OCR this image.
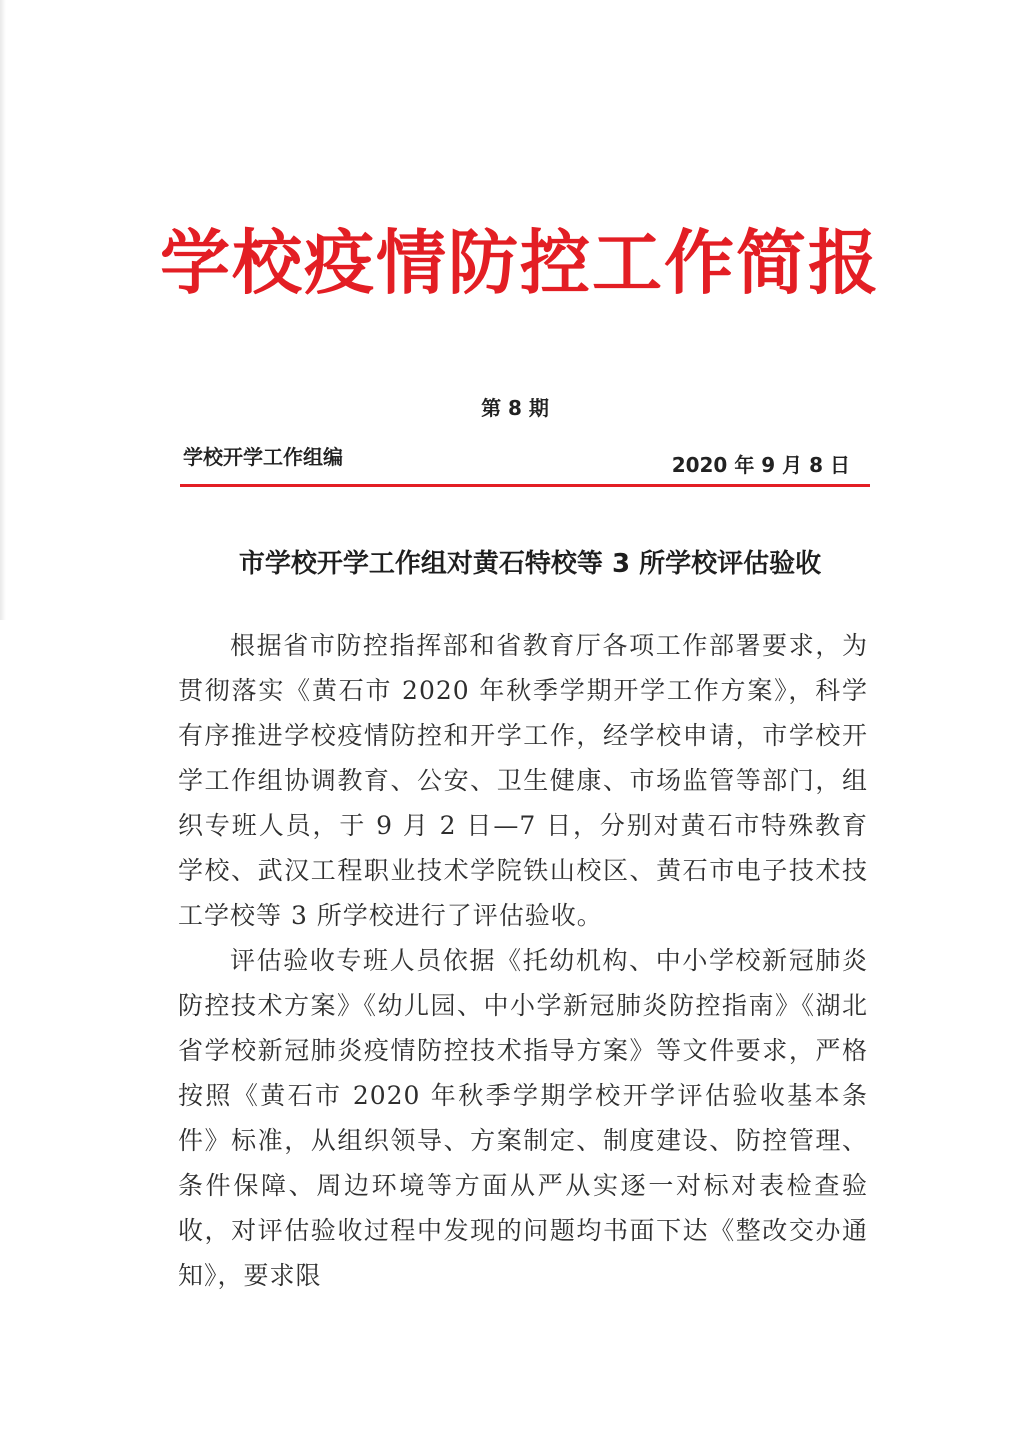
学校疫情防控工作简报
第 8 期
学校开学工作组编	2020 年 9 月 8 日
市学校开学工作组对黄石特校等 3 所学校评估验收

根据省市防控指挥部和省教育厅各项工作部署要求，为贯彻落实《黄石市 2020 年秋季学期开学工作方案》，科学有序推进学校疫情防控和开学工作，经学校申请，市学校开学工作组协调教育、公安、卫生健康、市场监管等部门，组织专班人员，于 9 月 2 日—7 日，分别对黄石市特殊教育学校、武汉工程职业技术学院铁山校区、黄石市电子技术技工学校等 3 所学校进行了评估验收。

评估验收专班人员依据《托幼机构、中小学校新冠肺炎防控技术方案》《幼儿园、中小学新冠肺炎防控指南》《湖北省学校新冠肺炎疫情防控技术指导方案》等文件要求，严格按照《黄石市 2020 年秋季学期学校开学评估验收基本条件》标准，从组织领导、方案制定、制度建设、防控管理、条件保障、周边环境等方面从严从实逐一对标对表检查验收，对评估验收过程中发现的问题均书面下达《整改交办通知》，要求限
